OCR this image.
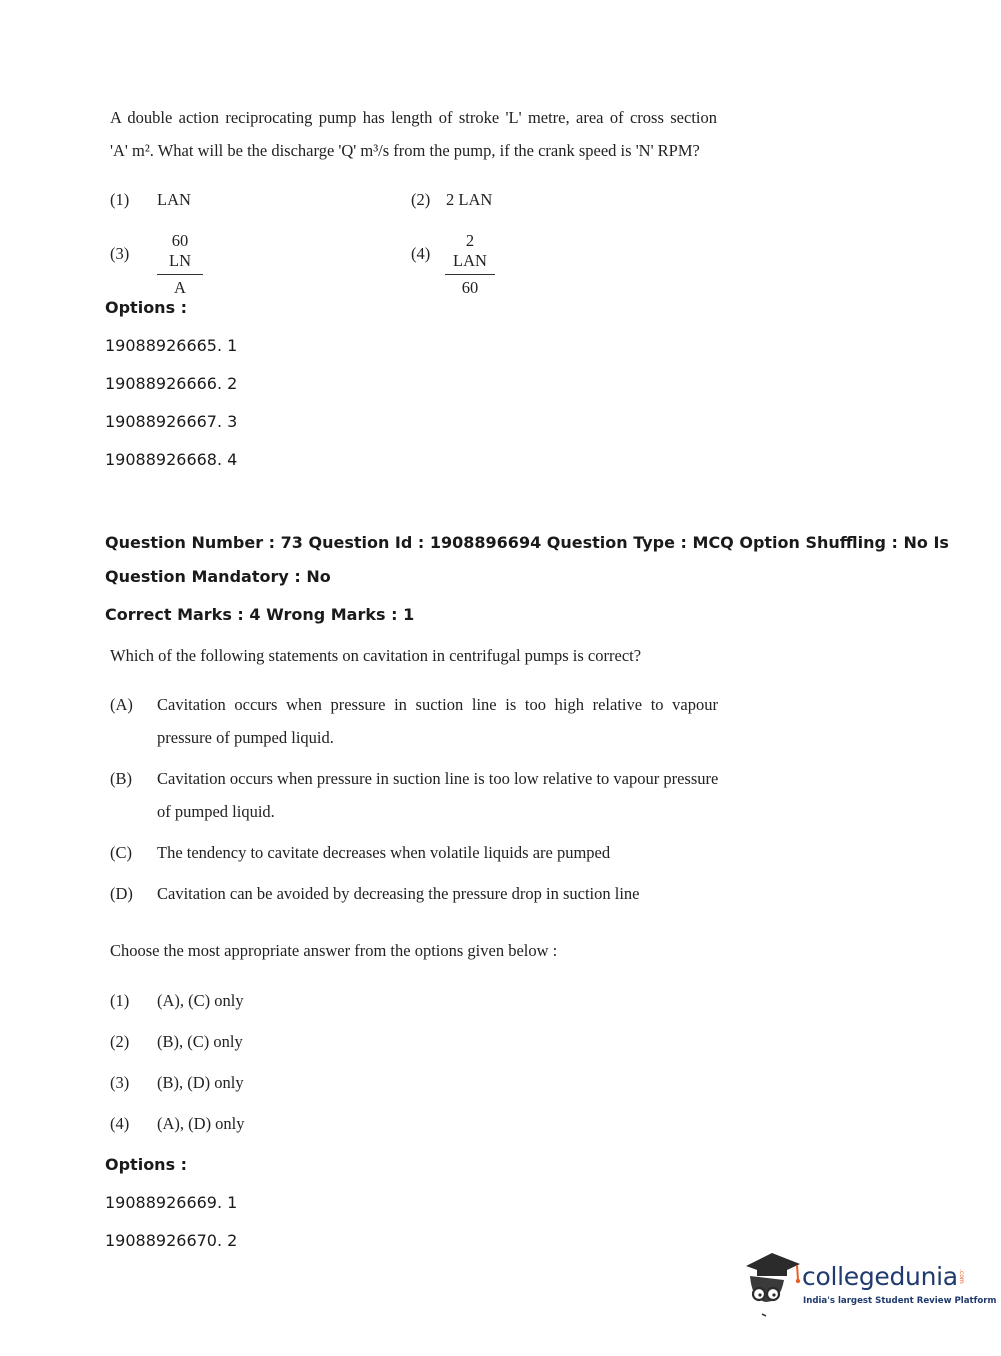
A double action reciprocating pump has length of stroke 'L' metre, area of cross section
'A' m². What will be the discharge 'Q' m³/s from the pump, if the crank speed is 'N' RPM?
(1) LAN	(2) 2 LAN
$(3) \frac{60 LN}{A}$	(4)
2 LAN
60
Options :
19088926665. 1
19088926666. 2
19088926667. 3
19088926668. 4
Question Number : 73 Question Id : 1908896694 Question Type : MCQ Option Shuffling : No Is
Question Mandatory : No
Correct Marks : 4 Wrong Marks : 1
Which of the following statements on cavitation in centrifugal pumps is correct?
(A) Cavitation occurs when pressure in suction line is too high relative to vapour
pressure of pumped liquid.
(B) Cavitation occurs when pressure in suction line is too low relative to vapour pressure
of pumped liquid.
(C) The tendency to cavitate decreases when volatile liquids are pumped
(D) Cavitation can be avoided by decreasing the pressure drop in suction line
Choose the most appropriate answer from the options given below :
(1) (A), (C) only
(2) (B), (C) only
(3) (B), (D) only
(4) (A), (D) only
Options :
19088926669. 1
19088926670. 2
collegedunia .com
India's largest Student Review Platform
